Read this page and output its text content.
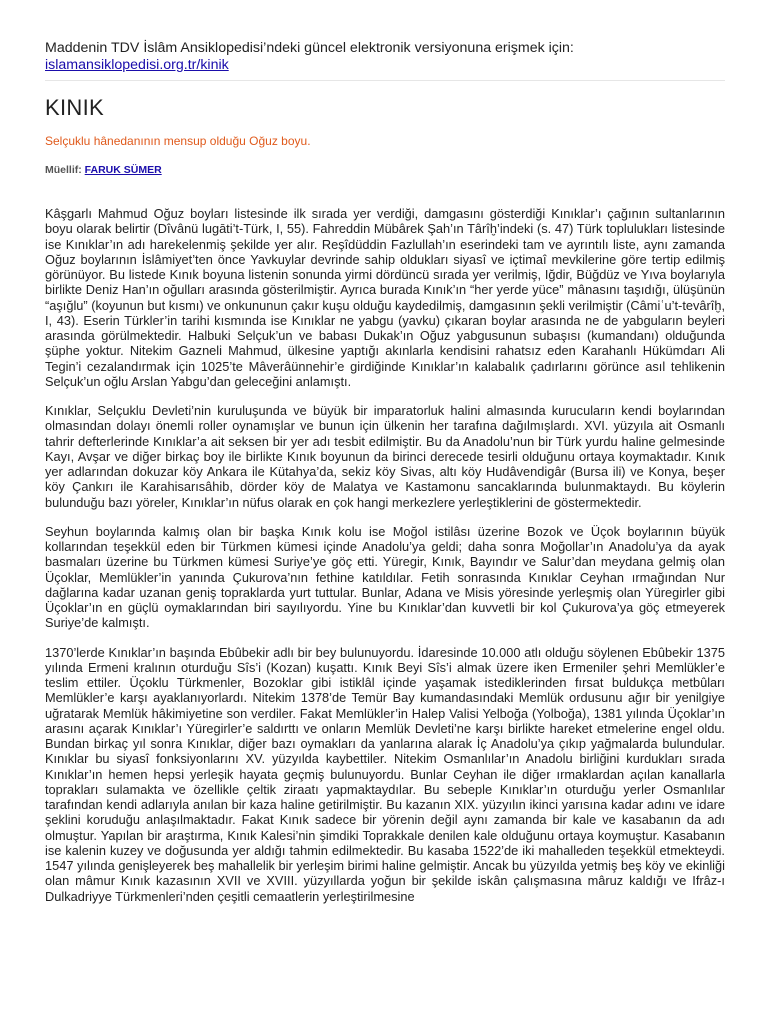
Maddenin TDV İslâm Ansiklopedisi’ndeki güncel elektronik versiyonuna erişmek için:
islamansiklopedisi.org.tr/kinik
KINIK
Selçuklu hânedanının mensup olduğu Oğuz boyu.
Müellif: FARUK SÜMER

Kâşgarlı Mahmud Oğuz boyları listesinde ilk sırada yer verdiği, damgasını gösterdiği Kınıklar’ı çağının sultanlarının boyu olarak belirtir (Dîvânü lugāti’t-Türk, I, 55). Fahreddin Mübârek Şah’ın Târîḫ’indeki (s. 47) Türk toplulukları listesinde ise Kınıklar’ın adı harekelenmiş şekilde yer alır. Reşîdüddin Fazlullah’ın eserindeki tam ve ayrıntılı liste, aynı zamanda Oğuz boylarının İslâmiyet’ten önce Yavkuylar devrinde sahip oldukları siyasî ve içtimaî mevkilerine göre tertip edilmiş görünüyor. Bu listede Kınık boyuna listenin sonunda yirmi dördüncü sırada yer verilmiş, Iğdir, Büğdüz ve Yıva boylarıyla birlikte Deniz Han’ın oğulları arasında gösterilmiştir. Ayrıca burada Kınık’ın “her yerde yüce” mânasını taşıdığı, ülüşünün “aşığlu” (koyunun but kısmı) ve onkununun çakır kuşu olduğu kaydedilmiş, damgasının şekli verilmiştir (Câmiʿu’t-tevârîḫ, I, 43). Eserin Türkler’in tarihi kısmında ise Kınıklar ne yabgu (yavku) çıkaran boylar arasında ne de yabguların beyleri arasında görülmektedir. Halbuki Selçuk’un ve babası Dukak’ın Oğuz yabgusunun subaşısı (kumandanı) olduğunda şüphe yoktur. Nitekim Gazneli Mahmud, ülkesine yaptığı akınlarla kendisini rahatsız eden Karahanlı Hükümdarı Ali Tegin’i cezalandırmak için 1025’te Mâverâünnehir’e girdiğinde Kınıklar’ın kalabalık çadırlarını görünce asıl tehlikenin Selçuk’un oğlu Arslan Yabgu’dan geleceğini anlamıştı.

Kınıklar, Selçuklu Devleti’nin kuruluşunda ve büyük bir imparatorluk halini almasında kurucuların kendi boylarından olmasından dolayı önemli roller oynamışlar ve bunun için ülkenin her tarafına dağılmışlardı. XVI. yüzyıla ait Osmanlı tahrir defterlerinde Kınıklar’a ait seksen bir yer adı tesbit edilmiştir. Bu da Anadolu’nun bir Türk yurdu haline gelmesinde Kayı, Avşar ve diğer birkaç boy ile birlikte Kınık boyunun da birinci derecede tesirli olduğunu ortaya koymaktadır. Kınık yer adlarından dokuzar köy Ankara ile Kütahya’da, sekiz köy Sivas, altı köy Hudâvendigâr (Bursa ili) ve Konya, beşer köy Çankırı ile Karahisarısâhib, dörder köy de Malatya ve Kastamonu sancaklarında bulunmaktaydı. Bu köylerin bulunduğu bazı yöreler, Kınıklar’ın nüfus olarak en çok hangi merkezlere yerleştiklerini de göstermektedir.

Seyhun boylarında kalmış olan bir başka Kınık kolu ise Moğol istilâsı üzerine Bozok ve Üçok boylarının büyük kollarından teşekkül eden bir Türkmen kümesi içinde Anadolu’ya geldi; daha sonra Moğollar’ın Anadolu’ya da ayak basmaları üzerine bu Türkmen kümesi Suriye’ye göç etti. Yüregir, Kınık, Bayındır ve Salur’dan meydana gelmiş olan Üçoklar, Memlükler’in yanında Çukurova’nın fethine katıldılar. Fetih sonrasında Kınıklar Ceyhan ırmağından Nur dağlarına kadar uzanan geniş topraklarda yurt tuttular. Bunlar, Adana ve Misis yöresinde yerleşmiş olan Yüregirler gibi Üçoklar’ın en güçlü oymaklarından biri sayılıyordu. Yine bu Kınıklar’dan kuvvetli bir kol Çukurova’ya göç etmeyerek Suriye’de kalmıştı.

1370’lerde Kınıklar’ın başında Ebûbekir adlı bir bey bulunuyordu. İdaresinde 10.000 atlı olduğu söylenen Ebûbekir 1375 yılında Ermeni kralının oturduğu Sîs’i (Kozan) kuşattı. Kınık Beyi Sîs’i almak üzere iken Ermeniler şehri Memlükler’e teslim ettiler. Üçoklu Türkmenler, Bozoklar gibi istiklâl içinde yaşamak istediklerinden fırsat buldukça metbûları Memlükler’e karşı ayaklanıyorlardı. Nitekim 1378’de Temür Bay kumandasındaki Memlük ordusunu ağır bir yenilgiye uğratarak Memlük hâkimiyetine son verdiler. Fakat Memlükler’in Halep Valisi Yelboğa (Yolboğa), 1381 yılında Üçoklar’ın arasını açarak Kınıklar’ı Yüregirler’e saldırttı ve onların Memlük Devleti’ne karşı birlikte hareket etmelerine engel oldu. Bundan birkaç yıl sonra Kınıklar, diğer bazı oymakları da yanlarına alarak İç Anadolu’ya çıkıp yağmalarda bulundular. Kınıklar bu siyasî fonksiyonlarını XV. yüzyılda kaybettiler. Nitekim Osmanlılar’ın Anadolu birliğini kurdukları sırada Kınıklar’ın hemen hepsi yerleşik hayata geçmiş bulunuyordu. Bunlar Ceyhan ile diğer ırmaklardan açılan kanallarla toprakları sulamakta ve özellikle çeltik ziraatı yapmaktaydılar. Bu sebeple Kınıklar’ın oturduğu yerler Osmanlılar tarafından kendi adlarıyla anılan bir kaza haline getirilmiştir. Bu kazanın XIX. yüzyılın ikinci yarısına kadar adını ve idare şeklini koruduğu anlaşılmaktadır. Fakat Kınık sadece bir yörenin değil aynı zamanda bir kale ve kasabanın da adı olmuştur. Yapılan bir araştırma, Kınık Kalesi’nin şimdiki Toprakkale denilen kale olduğunu ortaya koymuştur. Kasabanın ise kalenin kuzey ve doğusunda yer aldığı tahmin edilmektedir. Bu kasaba 1522’de iki mahalleden teşekkül etmekteydi. 1547 yılında genişleyerek beş mahallelik bir yerleşim birimi haline gelmiştir. Ancak bu yüzyılda yetmiş beş köy ve ekinliği olan mâmur Kınık kazasının XVII ve XVIII. yüzyıllarda yoğun bir şekilde iskân çalışmasına mâruz kaldığı ve Ifrâz-ı Dulkadriyye Türkmenleri’nden çeşitli cemaatlerin yerleştirilmesine
